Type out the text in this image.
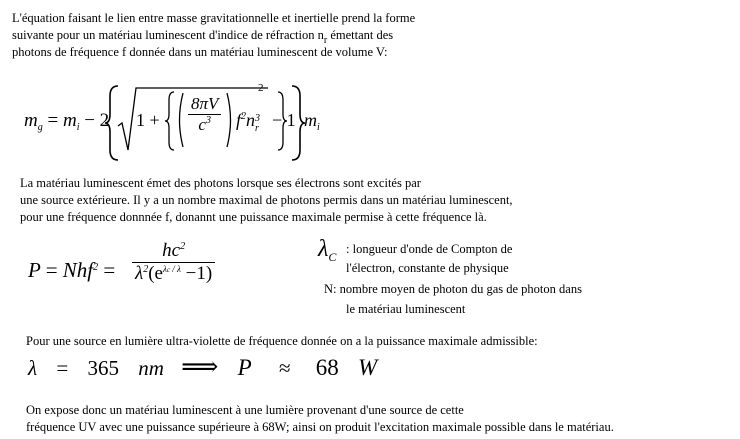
L'équation faisant le lien entre masse gravitationnelle et inertielle prend la forme
suivante pour un matériau luminescent d'indice de réfraction $n_r$ émettant des
photons de fréquence f donnée dans un matériau luminescent de volume V:
$m_g = m_i - 2$ $1 + \frac{8\pi V}{c^3} f^2n$ 3
r
2
− 1 $m_i$
La matériau luminescent émet des photons lorsque ses électrons sont excités par
une source extérieure. Il y a un nombre maximal de photons permis dans un matériau luminescent,
pour une fréquence donnnée f, donannt une puissance maximale permise à cette fréquence là.
$P = Nhf^2 = \frac{hc^2}{\lambda^2(e^{\lambda c / \lambda} -1)}$	$\lambda_C$
: longueur d'onde de Compton de
l'électron, constante de physique
N: nombre moyen de photon du gas de photon dans
le matériau luminescent
Pour une source en lumière ultra-violette de fréquence donnée on a la puissance maximale admissible:
λ = 365 nm ⟹ P ≈ 68 W
On expose donc un matériau luminescent à une lumière provenant d'une source de cette
fréquence UV avec une puissance supérieure à 68W; ainsi on produit l'excitation maximale possible dans le matériau.
